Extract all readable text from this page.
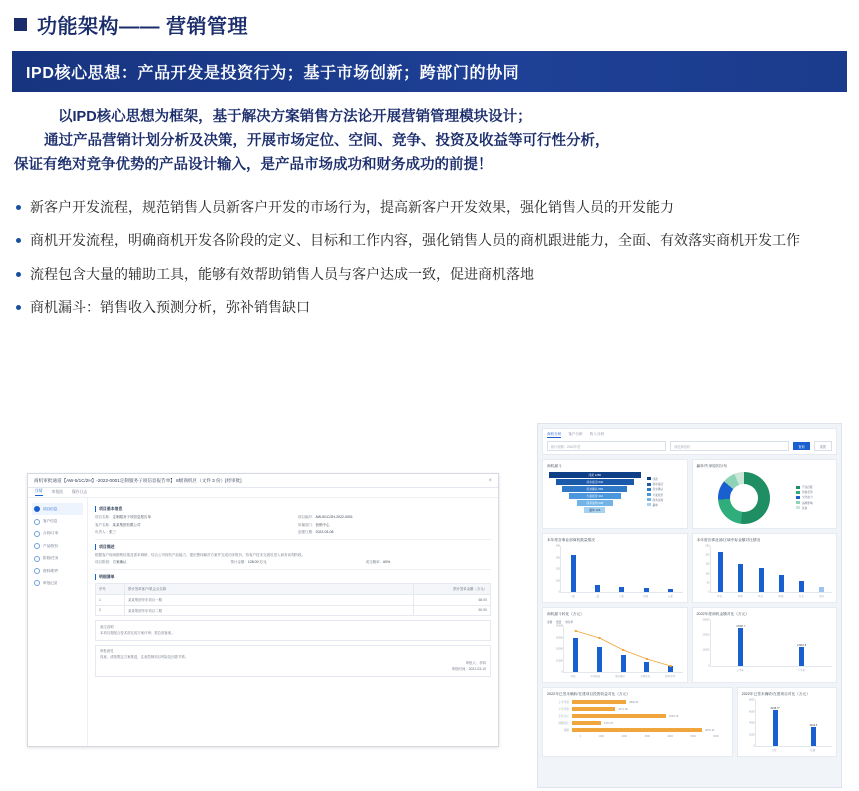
功能架构—— 营销管理
IPD核心思想：产品开发是投资行为；基于市场创新；跨部门的协同
以IPD核心思想为框架，基于解决方案销售方法论开展营销管理模块设计；
通过产品营销计划分析及决策，开展市场定位、空间、竞争、投资及收益等可行性分析，
保证有绝对竞争优势的产品设计输入，是产品市场成功和财务成功的前提！
新客户开发流程，规范销售人员新客户开发的市场行为，提高新客户开发效果，强化销售人员的开发能力
商机开发流程，明确商机开发各阶段的定义、目标和工作内容，强化销售人员的商机跟进能力，全面、有效落实商机开发工作
流程包含大量的辅助工具，能够有效帮助销售人员与客户达成一致，促进商机落地
商机漏斗：销售收入预测分析，弥补销售缺口
商机审批通道【AW-5/1C/2H】-2022-0001定制服务子项信息报告单】 8级商机区（文件 3 份）[经审批]	×
详情 审批流 操作日志
项目信息
客户信息
合同/订单
产品/报价
阶段/任务
资料/附件
审批记录
项目基本信息
项目名称：定制服务子项信息报告单	项目编号：AW-5/1C/2H-2022-0001
客户名称：某某集团有限公司	所属部门：营销中心
负责人：张三	创建日期：2022-03-08
项目描述
根据客户现场勘察结果及需求调研，结合公司现有产品能力，提出整体解决方案并完成初步报价，待客户技术交流后进入商务谈判阶段。
项目阶段：方案确认	预计金额：128.00 万元	成交概率：60%
明细清单
序号	预计签单客户/机会点名称	预计签单金额（万元）
1	某某集团华东项目一期	68.00
2	某某集团华东项目二期	60.00
备注说明
本项目需配合技术部完成方案评审；需总部备案。
审批意见
同意，请按既定方案推进，注意控制项目风险及回款节奏。
审批人：李四
审批时间：2022-03-10
商机分析 客户分析 收入分析
统计周期： 2022年度	请选择组织	查询	重置
商机漏斗
线索 1286
初步接洽 942
需求确认 663
方案报价 412
商务谈判 238
赢单 126
线索
初步接洽
需求确认
方案报价
商务谈判
赢单
赢单/失单原因分布
产品匹配
价格优势
交付能力
品牌影响
其他
本年度各事业部商机数量情况
400
300
200
100
0
一部	二部	三部	四部	五部
本年度各事业部/区域中标金额对比情况
250
200
150
100
50
0
华东	华南	华北	西南	东北	海外
商机漏斗转化（万元）
金额 数量 转化率
40000
30000
20000
10000
0
线索	初步接洽	需求确认	方案报价	商务谈判
2022年度商机金额对比（万元）
30000
20000
10000
0
27097.7
13297.8
上半年	下半年
2022年已签未确收/在建项目投资收益对比（万元）
上半年度	2862.21
下半年度	2371.68
全年合计	5233.79
同期对比	1471.07
差额	2876.31
0	1000	2000	3000	4000	5000	6000
2022年已签未确收/在建项目对比（万元）
8000
6000
4000
2000
0
6238.77
3219.5
已签	在建
